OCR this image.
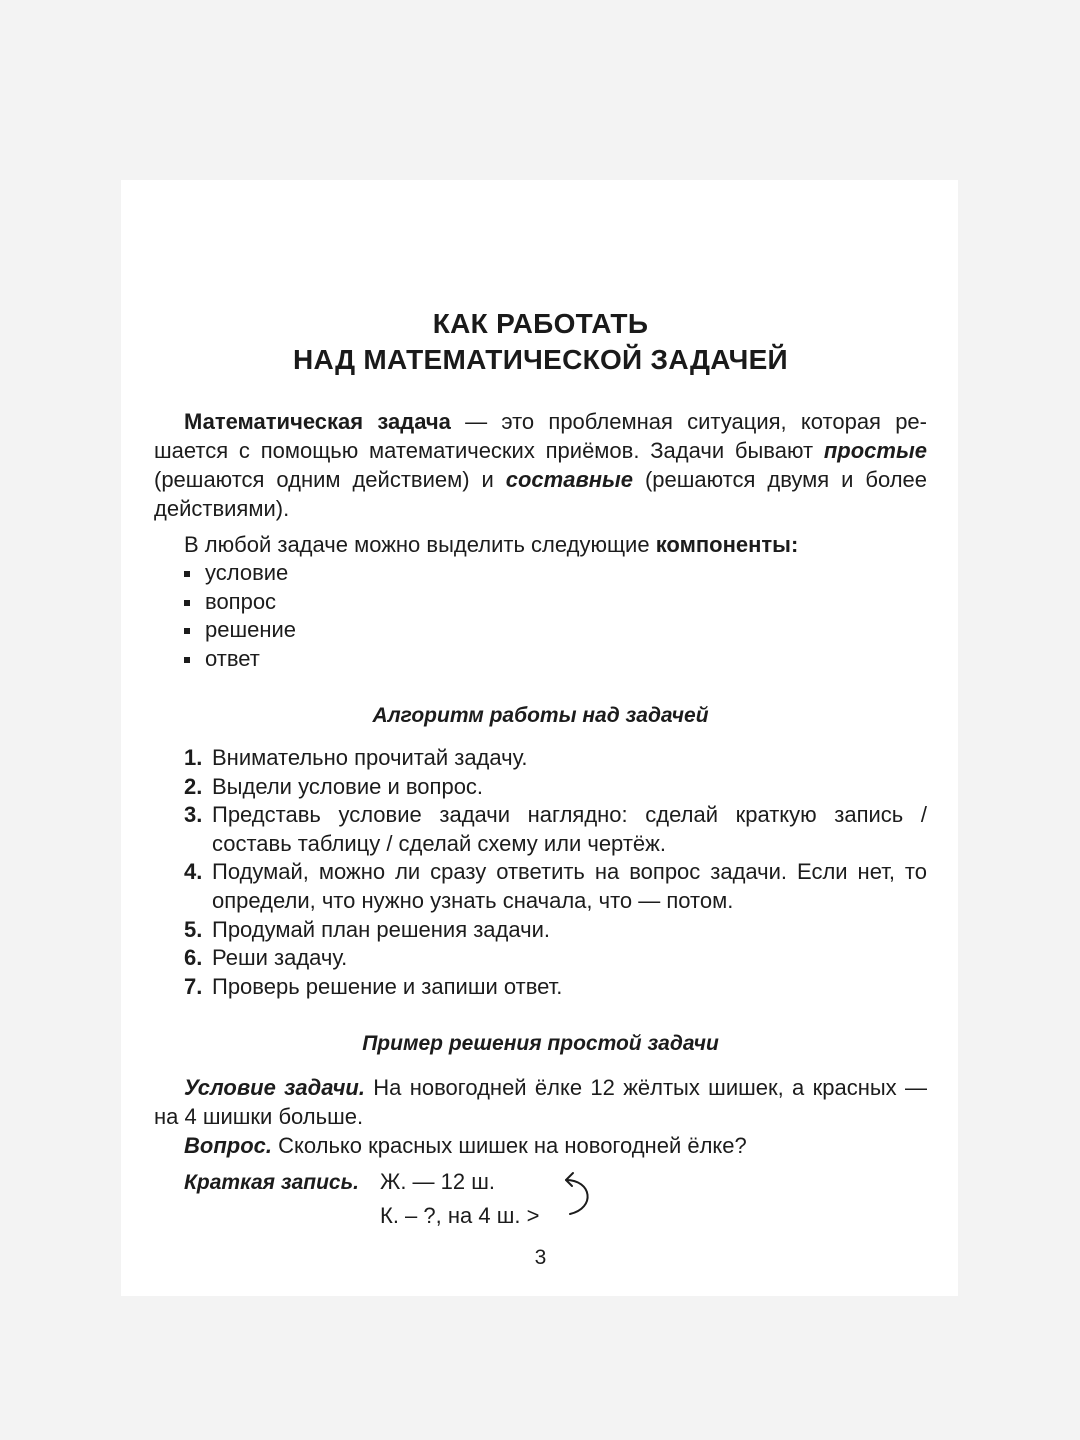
КАК РАБОТАТЬ
НАД МАТЕМАТИЧЕСКОЙ ЗАДАЧЕЙ

Математическая задача — это проблемная ситуация, которая ре-шается с помощью математических приёмов. Задачи бывают простые (решаются одним действием) и составные (решаются двумя и более действиями).

В любой задаче можно выделить следующие компоненты:

условие
вопрос
решение
ответ
Алгоритм работы над задачей
1. Внимательно прочитай задачу.
2. Выдели условие и вопрос.
3. Представь условие задачи наглядно: сделай краткую запись / составь таблицу / сделай схему или чертёж.
4. Подумай, можно ли сразу ответить на вопрос задачи. Если нет, то определи, что нужно узнать сначала, что — потом.
5. Продумай план решения задачи.
6. Реши задачу.
7. Проверь решение и запиши ответ.
Пример решения простой задачи

Условие задачи. На новогодней ёлке 12 жёлтых шишек, а красных — на 4 шишки больше.

Вопрос. Сколько красных шишек на новогодней ёлке?

Краткая запись. Ж. — 12 ш.
К. – ?, на 4 ш. >
3
